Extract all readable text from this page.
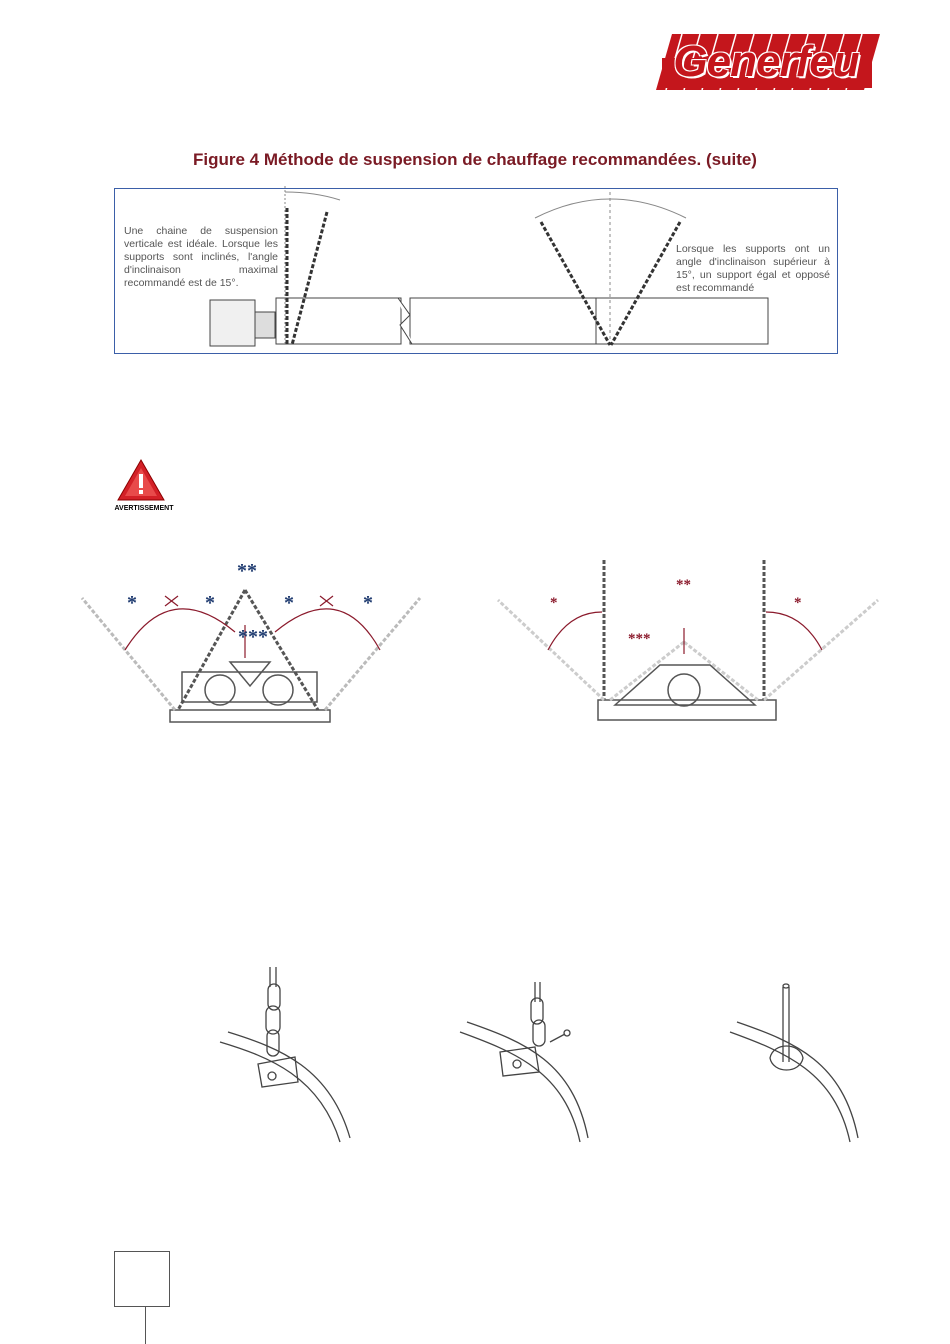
Generfeu
Figure 4 Méthode de suspension de chauffage recommandées. (suite)
Une chaine de suspension verticale est idéale. Lorsque les supports sont inclinés, l'angle d'inclinaison maximal recommandé est de 15°.
Lorsque les supports ont un angle d'inclinaison supérieur à 15°, un support égal et opposé est recommandé
AVERTISSEMENT
**
*	*	*	*
***
**
*	*
***
